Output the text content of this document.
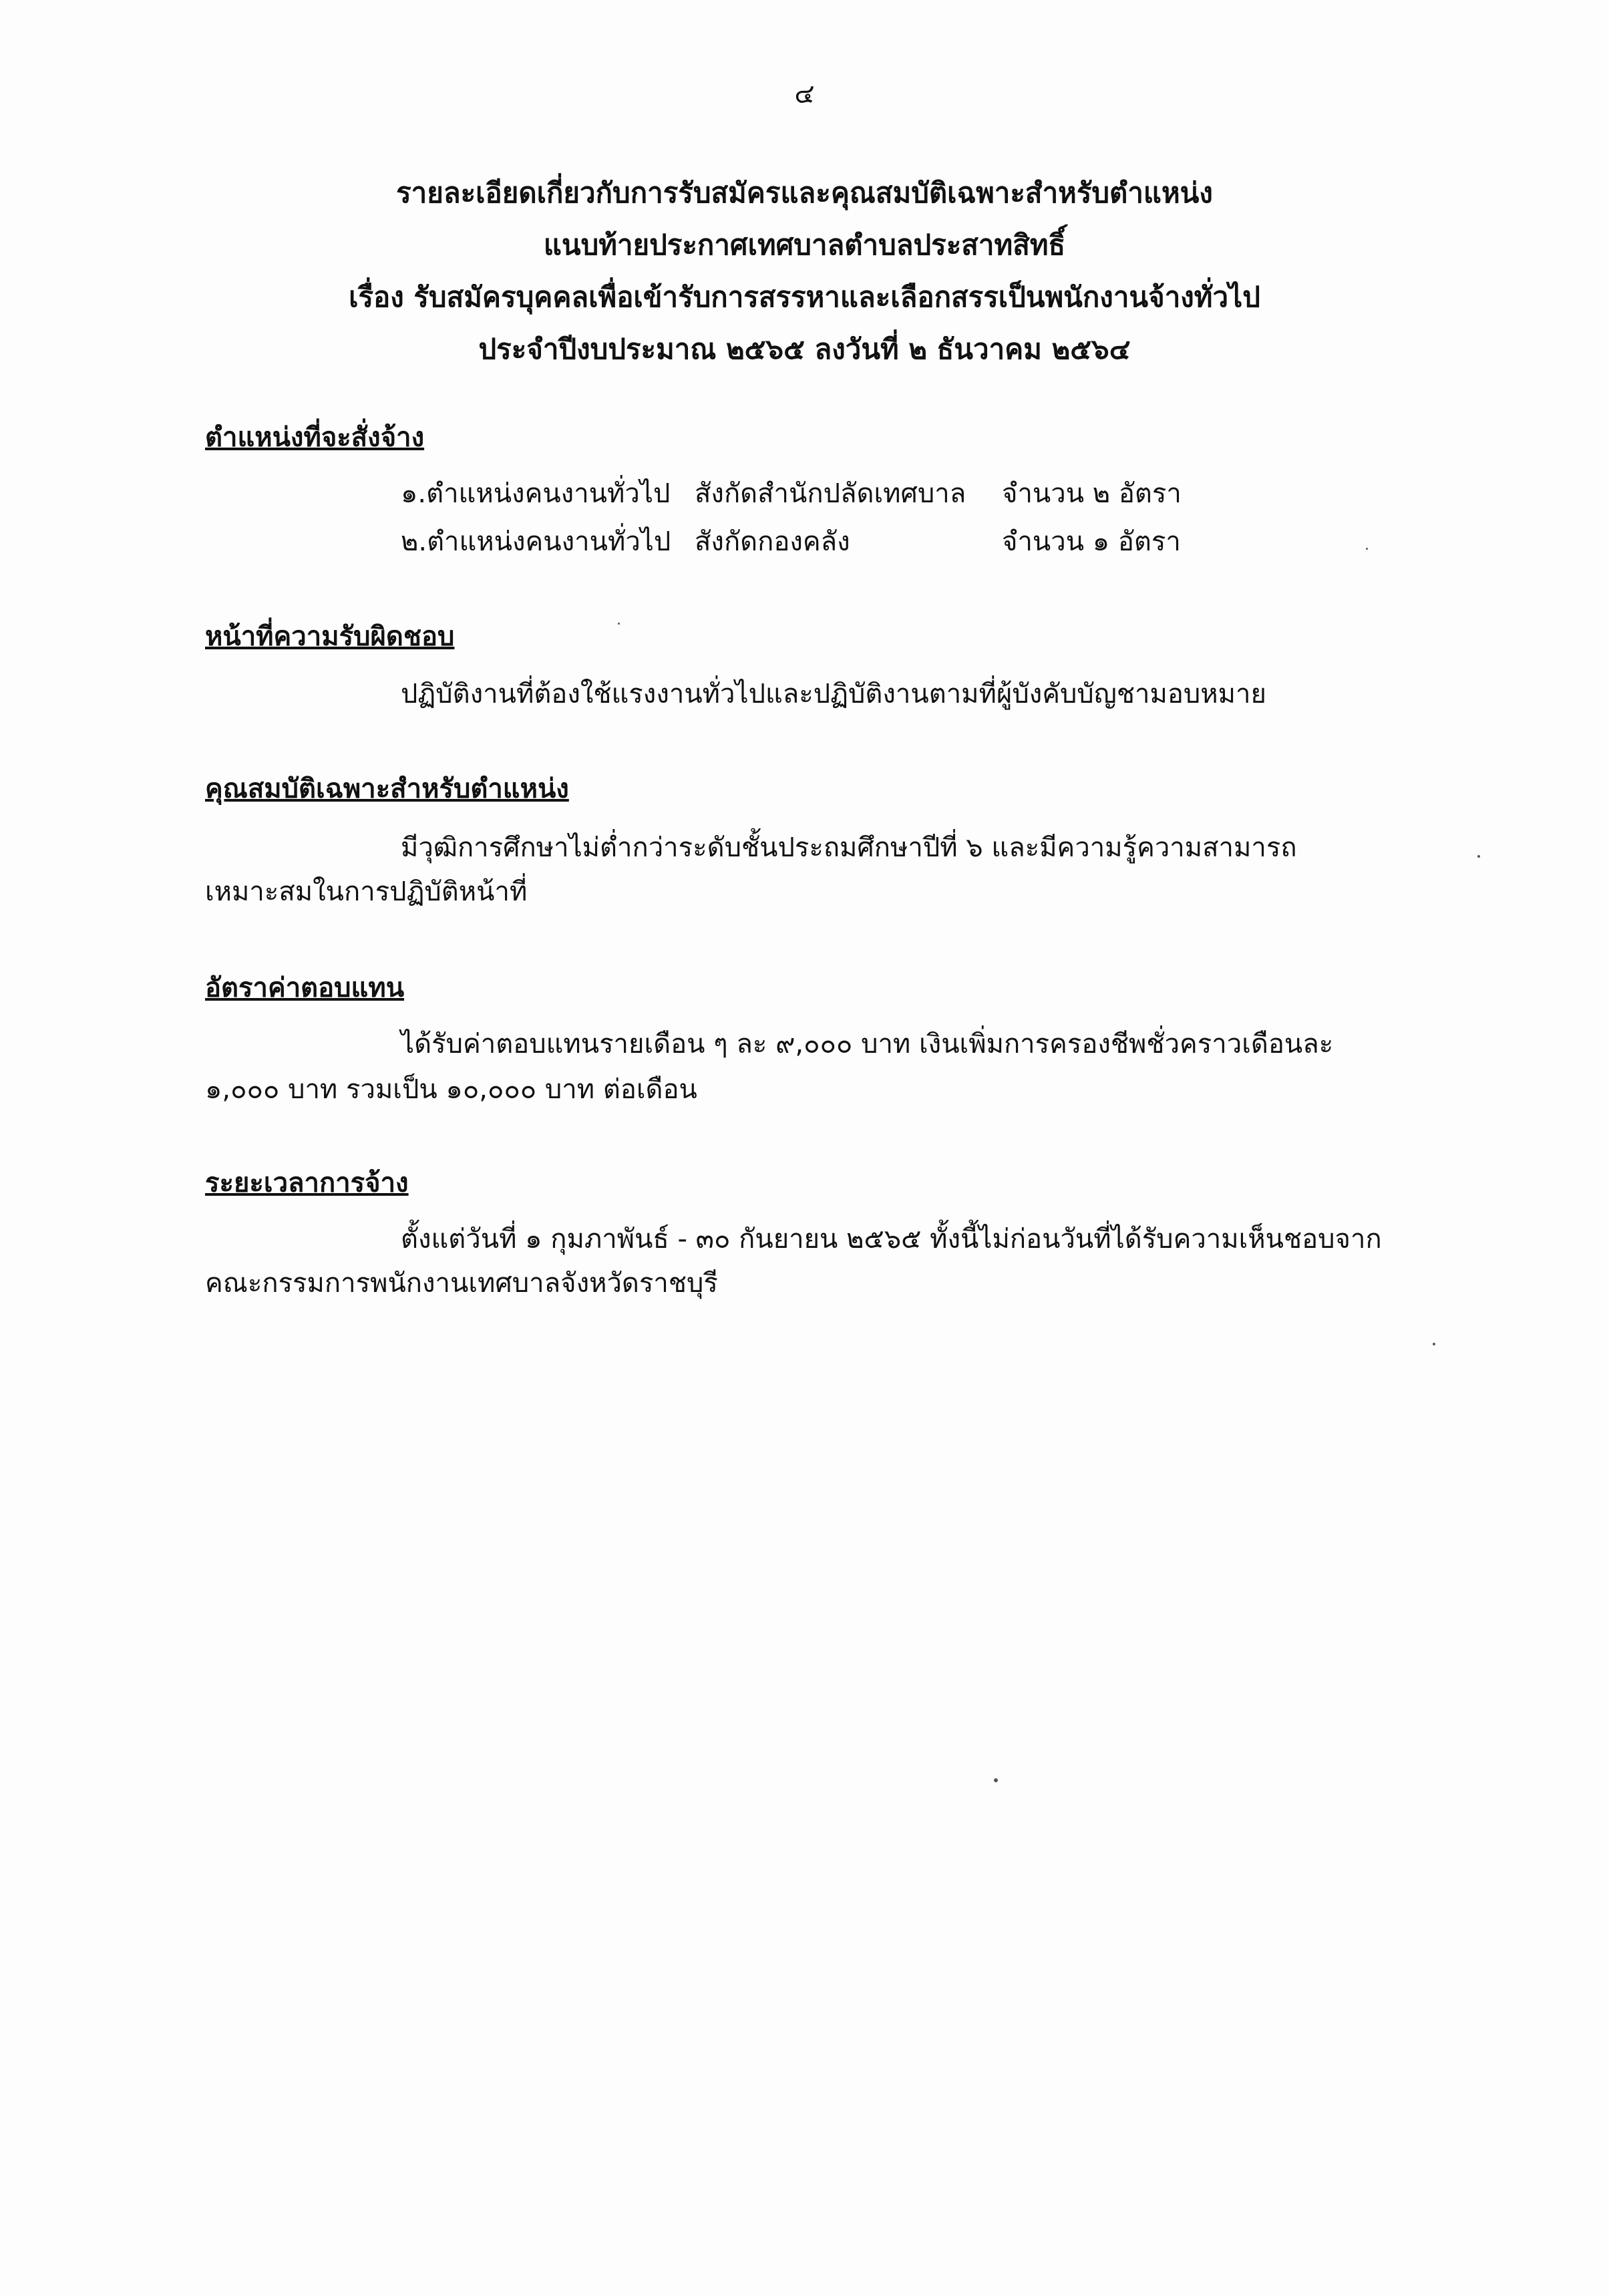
๔
รายละเอียดเกี่ยวกับการรับสมัครและคุณสมบัติเฉพาะสำหรับตำแหน่ง
แนบท้ายประกาศเทศบาลตำบลประสาทสิทธิ์
เรื่อง รับสมัครบุคคลเพื่อเข้ารับการสรรหาและเลือกสรรเป็นพนักงานจ้างทั่วไป
ประจำปีงบประมาณ ๒๕๖๕ ลงวันที่ ๒ ธันวาคม ๒๕๖๔
ตำแหน่งที่จะสั่งจ้าง
๑.ตำแหน่งคนงานทั่วไป สังกัดสำนักปลัดเทศบาล จำนวน ๒ อัตรา
๒.ตำแหน่งคนงานทั่วไป สังกัดกองคลัง	จำนวน ๑ อัตรา
หน้าที่ความรับผิดชอบ
ปฏิบัติงานที่ต้องใช้แรงงานทั่วไปและปฏิบัติงานตามที่ผู้บังคับบัญชามอบหมาย
คุณสมบัติเฉพาะสำหรับตำแหน่ง
มีวุฒิการศึกษาไม่ต่ำกว่าระดับชั้นประถมศึกษาปีที่ ๖ และมีความรู้ความสามารถ
เหมาะสมในการปฏิบัติหน้าที่
อัตราค่าตอบแทน
ได้รับค่าตอบแทนรายเดือน ๆ ละ ๙,๐๐๐ บาท เงินเพิ่มการครองชีพชั่วคราวเดือนละ
๑,๐๐๐ บาท รวมเป็น ๑๐,๐๐๐ บาท ต่อเดือน
ระยะเวลาการจ้าง
ตั้งแต่วันที่ ๑ กุมภาพันธ์ - ๓๐ กันยายน ๒๕๖๕ ทั้งนี้ไม่ก่อนวันที่ได้รับความเห็นชอบจาก
คณะกรรมการพนักงานเทศบาลจังหวัดราชบุรี
